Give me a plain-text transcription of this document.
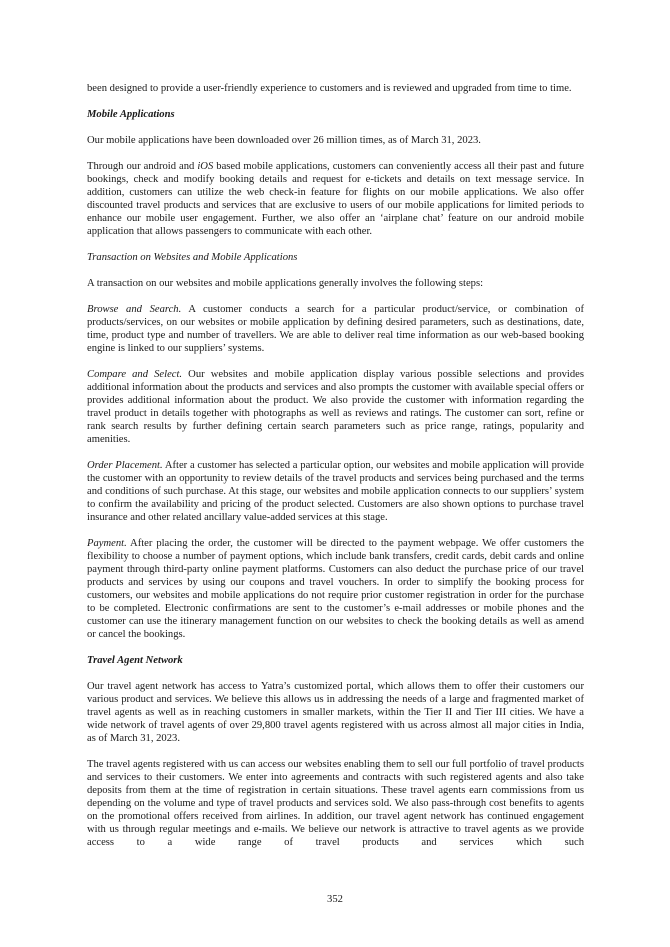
been designed to provide a user-friendly experience to customers and is reviewed and upgraded from time to time.

Mobile Applications

Our mobile applications have been downloaded over 26 million times, as of March 31, 2023.

Through our android and iOS based mobile applications, customers can conveniently access all their past and future bookings, check and modify booking details and request for e-tickets and details on text message service. In addition, customers can utilize the web check-in feature for flights on our mobile applications. We also offer discounted travel products and services that are exclusive to users of our mobile applications for limited periods to enhance our mobile user engagement. Further, we also offer an ‘airplane chat’ feature on our android mobile application that allows passengers to communicate with each other.

Transaction on Websites and Mobile Applications

A transaction on our websites and mobile applications generally involves the following steps:

Browse and Search. A customer conducts a search for a particular product/service, or combination of products/services, on our websites or mobile application by defining desired parameters, such as destinations, date, time, product type and number of travellers. We are able to deliver real time information as our web-based booking engine is linked to our suppliers’ systems.

Compare and Select. Our websites and mobile application display various possible selections and provides additional information about the products and services and also prompts the customer with available special offers or provides additional information about the product. We also provide the customer with information regarding the travel product in details together with photographs as well as reviews and ratings. The customer can sort, refine or rank search results by further defining certain search parameters such as price range, ratings, popularity and amenities.

Order Placement. After a customer has selected a particular option, our websites and mobile application will provide the customer with an opportunity to review details of the travel products and services being purchased and the terms and conditions of such purchase. At this stage, our websites and mobile application connects to our suppliers’ system to confirm the availability and pricing of the product selected. Customers are also shown options to purchase travel insurance and other related ancillary value-added services at this stage.

Payment. After placing the order, the customer will be directed to the payment webpage. We offer customers the flexibility to choose a number of payment options, which include bank transfers, credit cards, debit cards and online payment through third-party online payment platforms. Customers can also deduct the purchase price of our travel products and services by using our coupons and travel vouchers. In order to simplify the booking process for customers, our websites and mobile applications do not require prior customer registration in order for the purchase to be completed. Electronic confirmations are sent to the customer’s e-mail addresses or mobile phones and the customer can use the itinerary management function on our websites to check the booking details as well as amend or cancel the bookings.

Travel Agent Network

Our travel agent network has access to Yatra’s customized portal, which allows them to offer their customers our various product and services. We believe this allows us in addressing the needs of a large and fragmented market of travel agents as well as in reaching customers in smaller markets, within the Tier II and Tier III cities. We have a wide network of travel agents of over 29,800 travel agents registered with us across almost all major cities in India, as of March 31, 2023.

The travel agents registered with us can access our websites enabling them to sell our full portfolio of travel products and services to their customers. We enter into agreements and contracts with such registered agents and also take deposits from them at the time of registration in certain situations. These travel agents earn commissions from us depending on the volume and type of travel products and services sold. We also pass-through cost benefits to agents on the promotional offers received from airlines. In addition, our travel agent network has continued engagement with us through regular meetings and e-mails. We believe our network is attractive to travel agents as we provide access to a wide range of travel products and services which such

352
